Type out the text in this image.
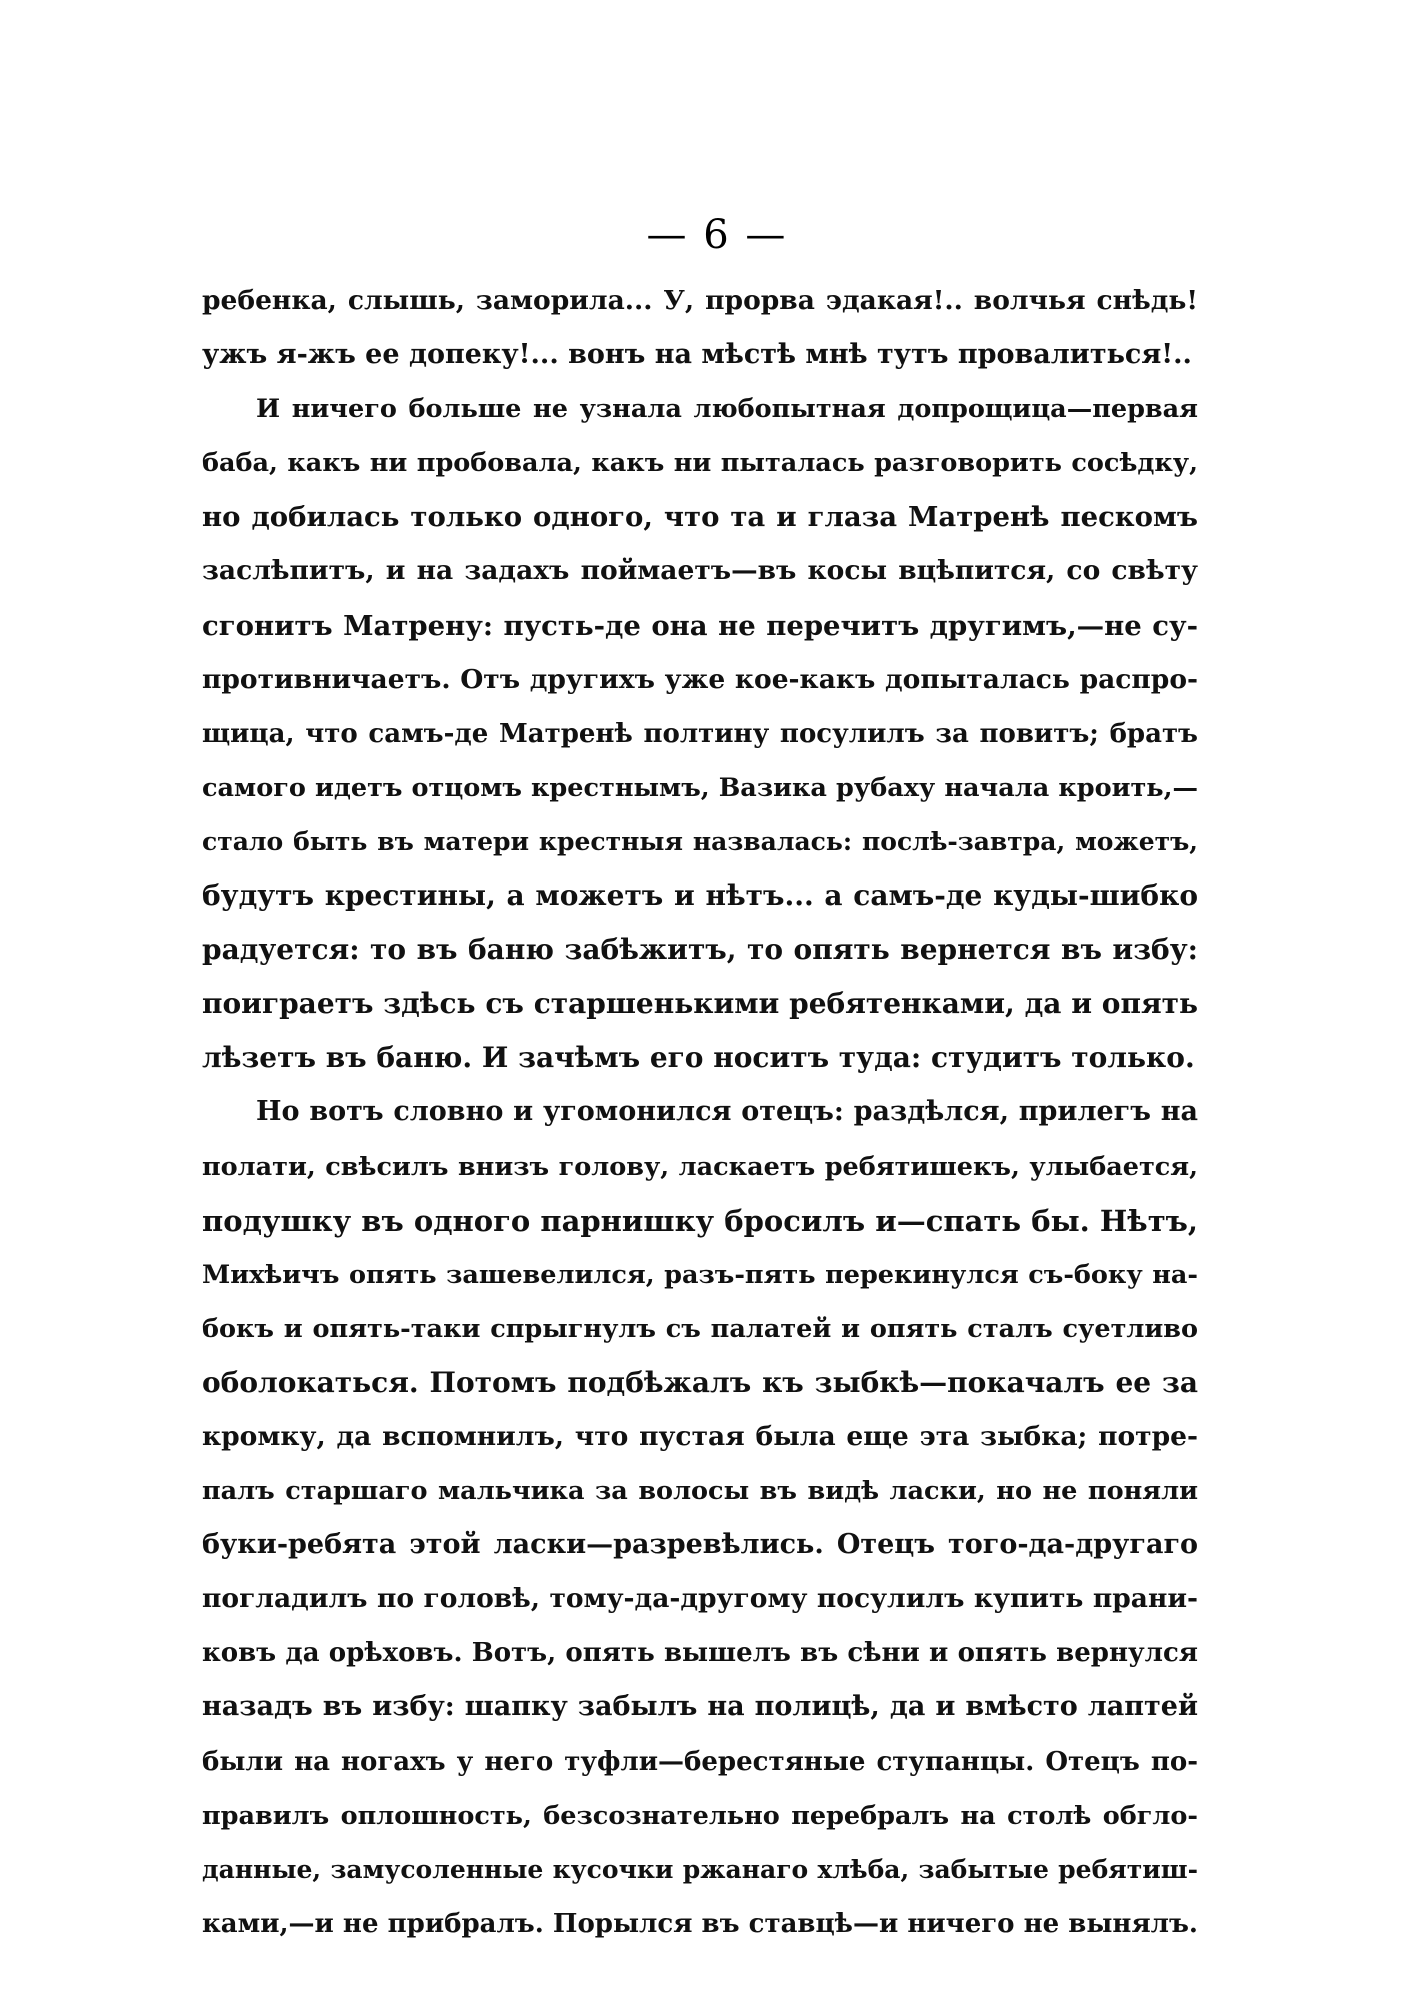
— 6 —
ребенка, слышь, заморила... У, прорва эдакая!.. волчья снѣдь!
ужъ я-жъ ее допеку!... вонъ на мѣстѣ мнѣ тутъ провалиться!..
И ничего больше не узнала любопытная допрощица—первая
баба, какъ ни пробовала, какъ ни пыталась разговорить сосѣдку,
но добилась только одного, что та и глаза Матренѣ пескомъ
заслѣпитъ, и на задахъ поймаетъ—въ косы вцѣпится, со свѣту
сгонитъ Матрену: пусть-де она не перечитъ другимъ,—не су-
противничаетъ. Отъ другихъ уже кое-какъ допыталась распро-
щица, что самъ-де Матренѣ полтину посулилъ за повитъ; братъ
самого идетъ отцомъ крестнымъ, Вазика рубаху начала кроить,—
стало быть въ матери крестныя назвалась: послѣ-завтра, можетъ,
будутъ крестины, а можетъ и нѣтъ... а самъ-де куды-шибко
радуется: то въ баню забѣжитъ, то опять вернется въ избу:
поиграетъ здѣсь съ старшенькими ребятенками, да и опять
лѣзетъ въ баню. И зачѣмъ его носитъ туда: студитъ только.
Но вотъ словно и угомонился отецъ: раздѣлся, прилегъ на
полати, свѣсилъ внизъ голову, ласкаетъ ребятишекъ, улыбается,
подушку въ одного парнишку бросилъ и—спать бы. Нѣтъ,
Михѣичъ опять зашевелился, разъ-пять перекинулся съ-боку на-
бокъ и опять-таки спрыгнулъ съ палатей и опять сталъ суетливо
оболокаться. Потомъ подбѣжалъ къ зыбкѣ—покачалъ ее за
кромку, да вспомнилъ, что пустая была еще эта зыбка; потре-
палъ старшаго мальчика за волосы въ видѣ ласки, но не поняли
буки-ребята этой ласки—разревѣлись. Отецъ того-да-другаго
погладилъ по головѣ, тому-да-другому посулилъ купить прани-
ковъ да орѣховъ. Вотъ, опять вышелъ въ сѣни и опять вернулся
назадъ въ избу: шапку забылъ на полицѣ, да и вмѣсто лаптей
были на ногахъ у него туфли—берестяные ступанцы. Отецъ по-
правилъ оплошность, безсознательно перебралъ на столѣ обгло-
данные, замусоленные кусочки ржанаго хлѣба, забытые ребятиш-
ками,—и не прибралъ. Порылся въ ставцѣ—и ничего не вынялъ.
